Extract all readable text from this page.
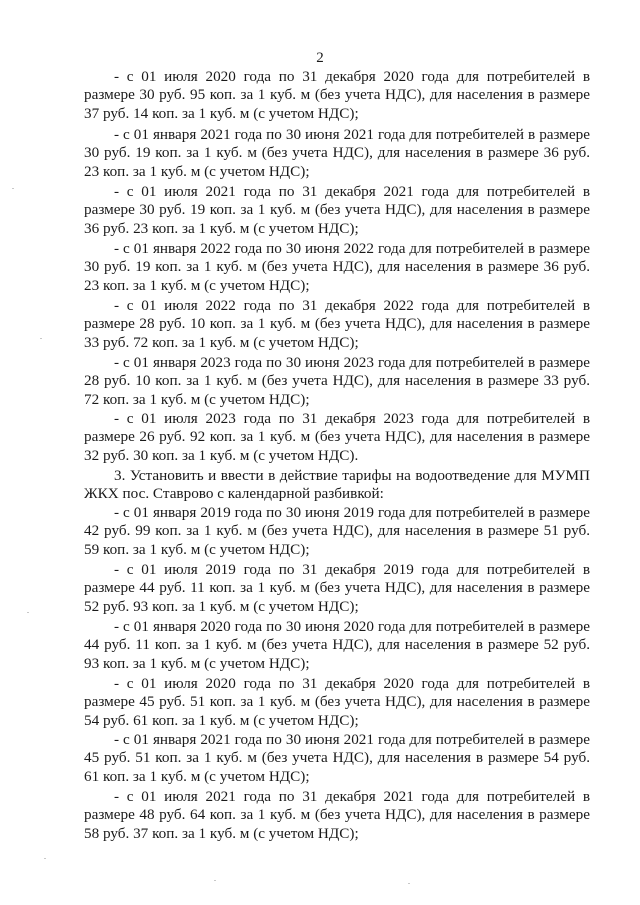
2

- с 01 июля 2020 года по 31 декабря 2020 года для потребителей в размере 30 руб. 95 коп. за 1 куб. м (без учета НДС), для населения в размере 37 руб. 14 коп. за 1 куб. м (с учетом НДС);

- с 01 января 2021 года по 30 июня 2021 года для потребителей в размере 30 руб. 19 коп. за 1 куб. м (без учета НДС), для населения в размере 36 руб. 23 коп. за 1 куб. м (с учетом НДС);

- с 01 июля 2021 года по 31 декабря 2021 года для потребителей в размере 30 руб. 19 коп. за 1 куб. м (без учета НДС), для населения в размере 36 руб. 23 коп. за 1 куб. м (с учетом НДС);

- с 01 января 2022 года по 30 июня 2022 года для потребителей в размере 30 руб. 19 коп. за 1 куб. м (без учета НДС), для населения в размере 36 руб. 23 коп. за 1 куб. м (с учетом НДС);

- с 01 июля 2022 года по 31 декабря 2022 года для потребителей в размере 28 руб. 10 коп. за 1 куб. м (без учета НДС), для населения в размере 33 руб. 72 коп. за 1 куб. м (с учетом НДС);

- с 01 января 2023 года по 30 июня 2023 года для потребителей в размере 28 руб. 10 коп. за 1 куб. м (без учета НДС), для населения в размере 33 руб. 72 коп. за 1 куб. м (с учетом НДС);

- с 01 июля 2023 года по 31 декабря 2023 года для потребителей в размере 26 руб. 92 коп. за 1 куб. м (без учета НДС), для населения в размере 32 руб. 30 коп. за 1 куб. м (с учетом НДС).

3. Установить и ввести в действие тарифы на водоотведение для МУМП ЖКХ пос. Ставрово с календарной разбивкой:

- с 01 января 2019 года по 30 июня 2019 года для потребителей в размере 42 руб. 99 коп. за 1 куб. м (без учета НДС), для населения в размере 51 руб. 59 коп. за 1 куб. м (с учетом НДС);

- с 01 июля 2019 года по 31 декабря 2019 года для потребителей в размере 44 руб. 11 коп. за 1 куб. м (без учета НДС), для населения в размере 52 руб. 93 коп. за 1 куб. м (с учетом НДС);

- с 01 января 2020 года по 30 июня 2020 года для потребителей в размере 44 руб. 11 коп. за 1 куб. м (без учета НДС), для населения в размере 52 руб. 93 коп. за 1 куб. м (с учетом НДС);

- с 01 июля 2020 года по 31 декабря 2020 года для потребителей в размере 45 руб. 51 коп. за 1 куб. м (без учета НДС), для населения в размере 54 руб. 61 коп. за 1 куб. м (с учетом НДС);

- с 01 января 2021 года по 30 июня 2021 года для потребителей в размере 45 руб. 51 коп. за 1 куб. м (без учета НДС), для населения в размере 54 руб. 61 коп. за 1 куб. м (с учетом НДС);

- с 01 июля 2021 года по 31 декабря 2021 года для потребителей в размере 48 руб. 64 коп. за 1 куб. м (без учета НДС), для населения в размере 58 руб. 37 коп. за 1 куб. м (с учетом НДС);
